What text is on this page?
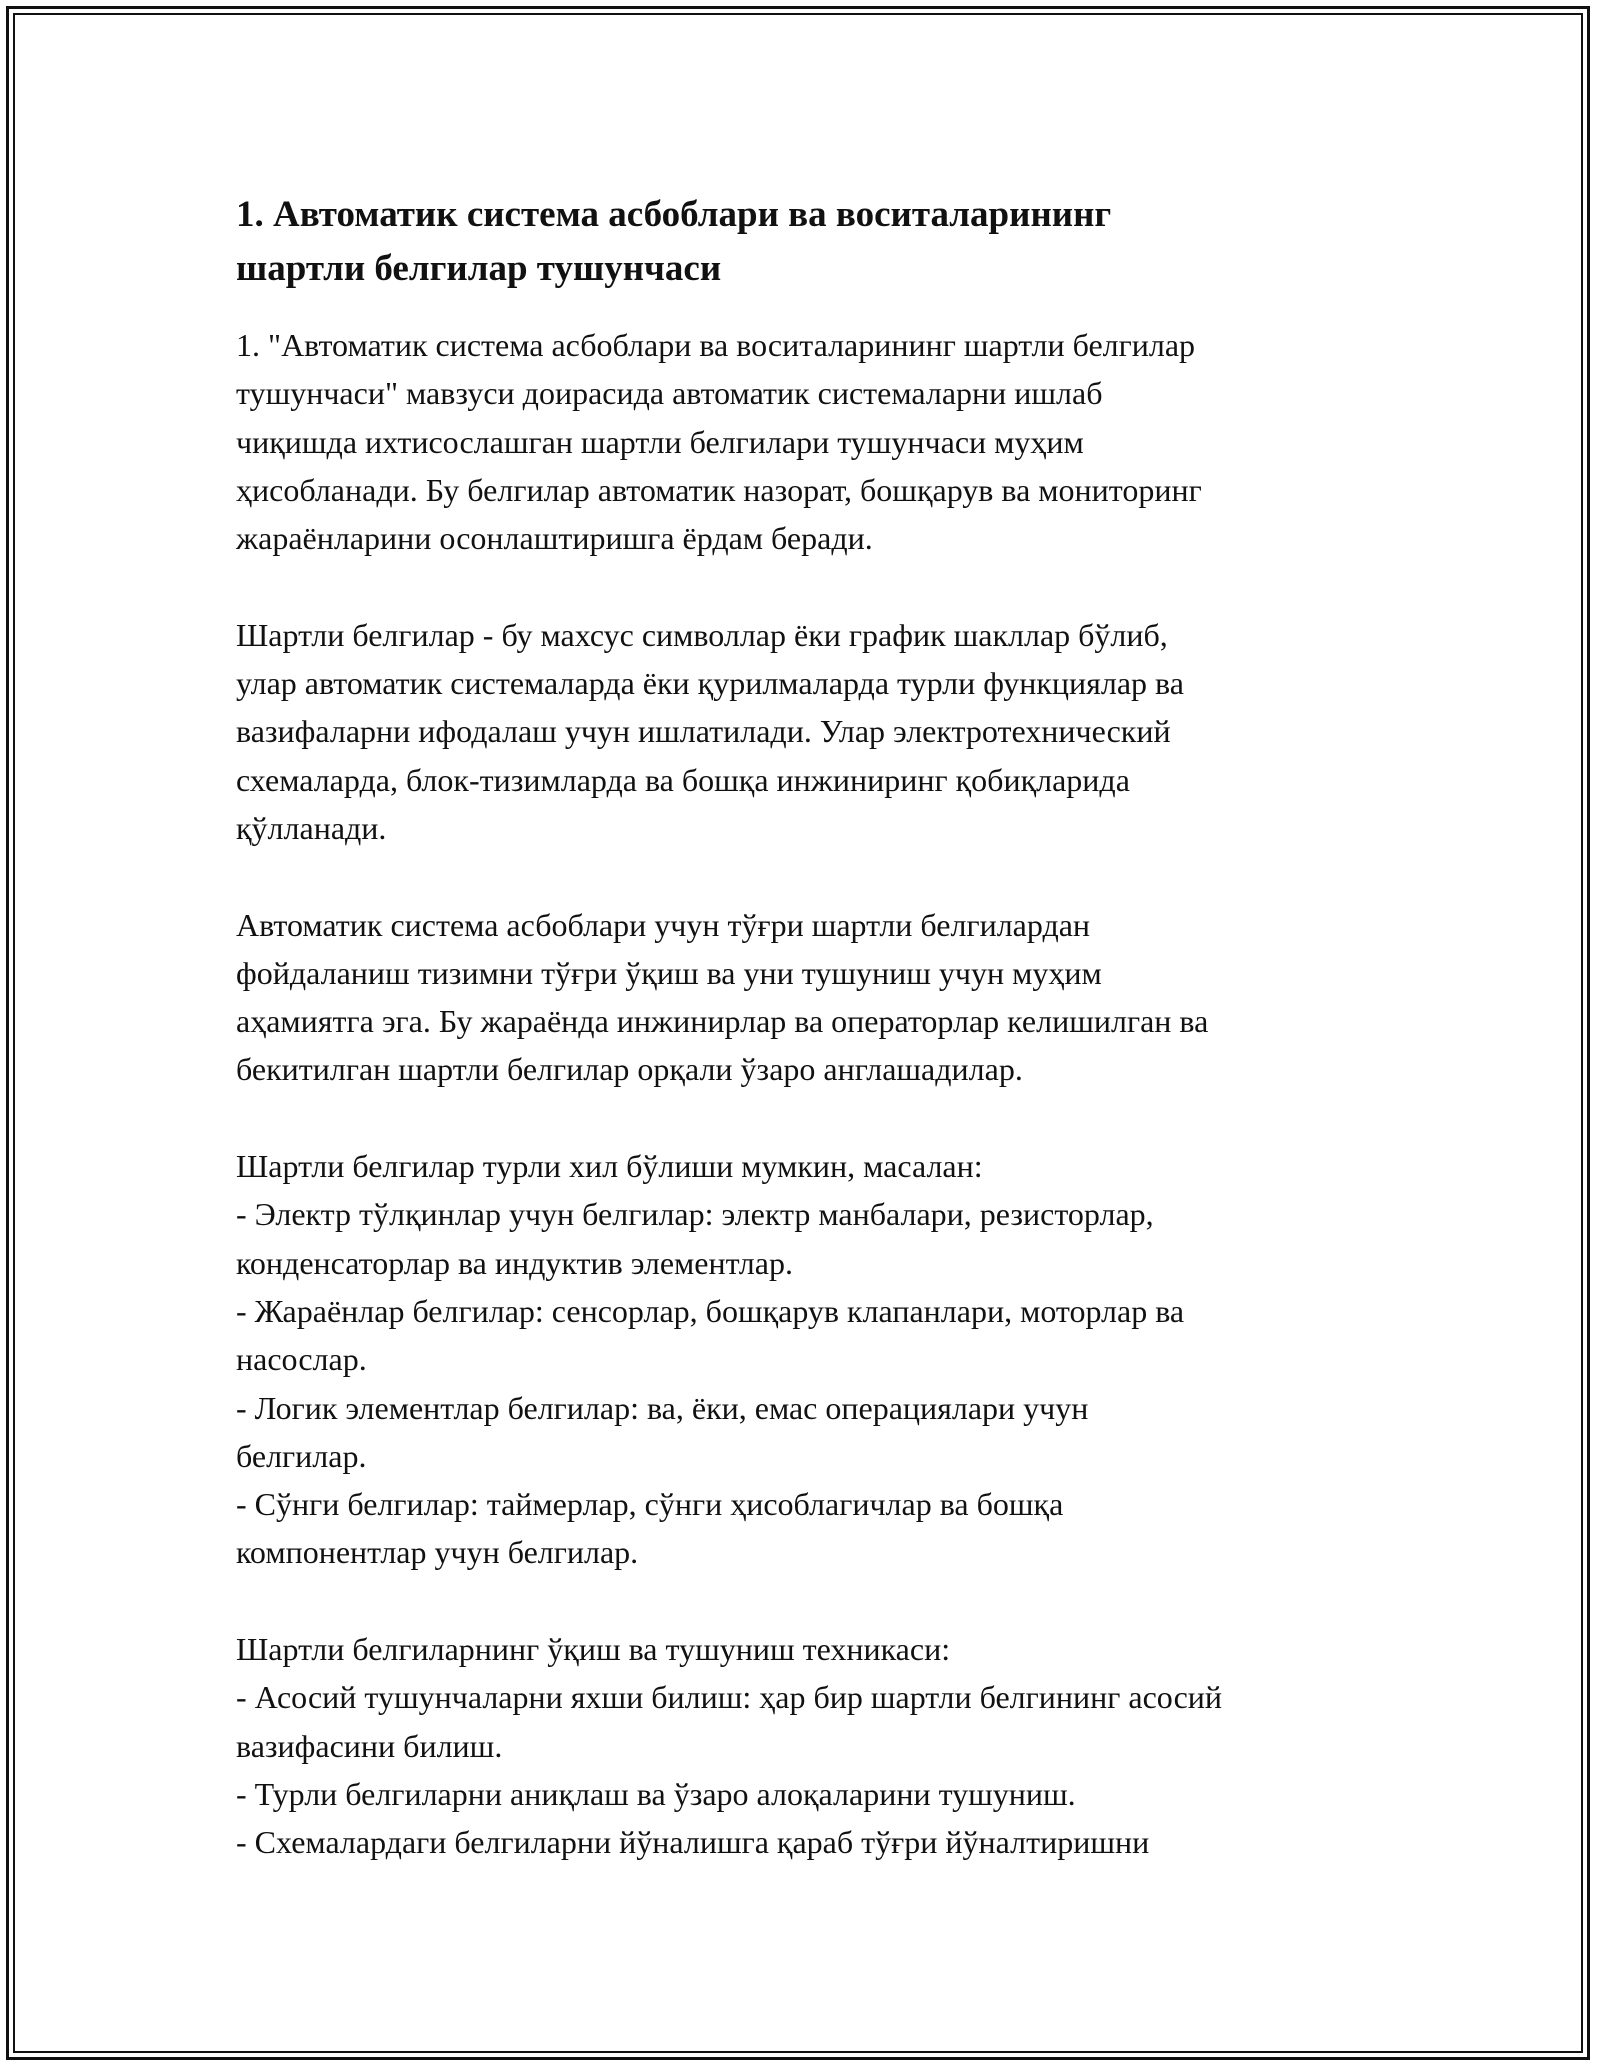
1. Автоматик система асбоблари ва воситаларининг
шартли белгилар тушунчаси

1. "Автоматик система асбоблари ва воситаларининг шартли белгилар
тушунчаси" мавзуси доирасида автоматик системаларни ишлаб
чиқишда ихтисослашган шартли белгилари тушунчаси муҳим
ҳисобланади. Бу белгилар автоматик назорат, бошқарув ва мониторинг
жараёнларини осонлаштиришга ёрдам беради.

Шартли белгилар - бу махсус символлар ёки график шакллар бўлиб,
улар автоматик системаларда ёки қурилмаларда турли функциялар ва
вазифаларни ифодалаш учун ишлатилади. Улар электротехнический
схемаларда, блок-тизимларда ва бошқа инжиниринг қобиқларида
қўлланади.

Автоматик система асбоблари учун тўғри шартли белгилардан
фойдаланиш тизимни тўғри ўқиш ва уни тушуниш учун муҳим
аҳамиятга эга. Бу жараёнда инжинирлар ва операторлар келишилган ва
бекитилган шартли белгилар орқали ўзаро англашадилар.

Шартли белгилар турли хил бўлиши мумкин, масалан:
- Электр тўлқинлар учун белгилар: электр манбалари, резисторлар,
конденсаторлар ва индуктив элементлар.
- Жараёнлар белгилар: сенсорлар, бошқарув клапанлари, моторлар ва
насослар.
- Логик элементлар белгилар: ва, ёки, емас операциялари учун
белгилар.
- Сўнги белгилар: таймерлар, сўнги ҳисоблагичлар ва бошқа
компонентлар учун белгилар.

Шартли белгиларнинг ўқиш ва тушуниш техникаси:
- Асосий тушунчаларни яхши билиш: ҳар бир шартли белгининг асосий
вазифасини билиш.
- Турли белгиларни аниқлаш ва ўзаро алоқаларини тушуниш.
- Схемалардаги белгиларни йўналишга қараб тўғри йўналтиришни
